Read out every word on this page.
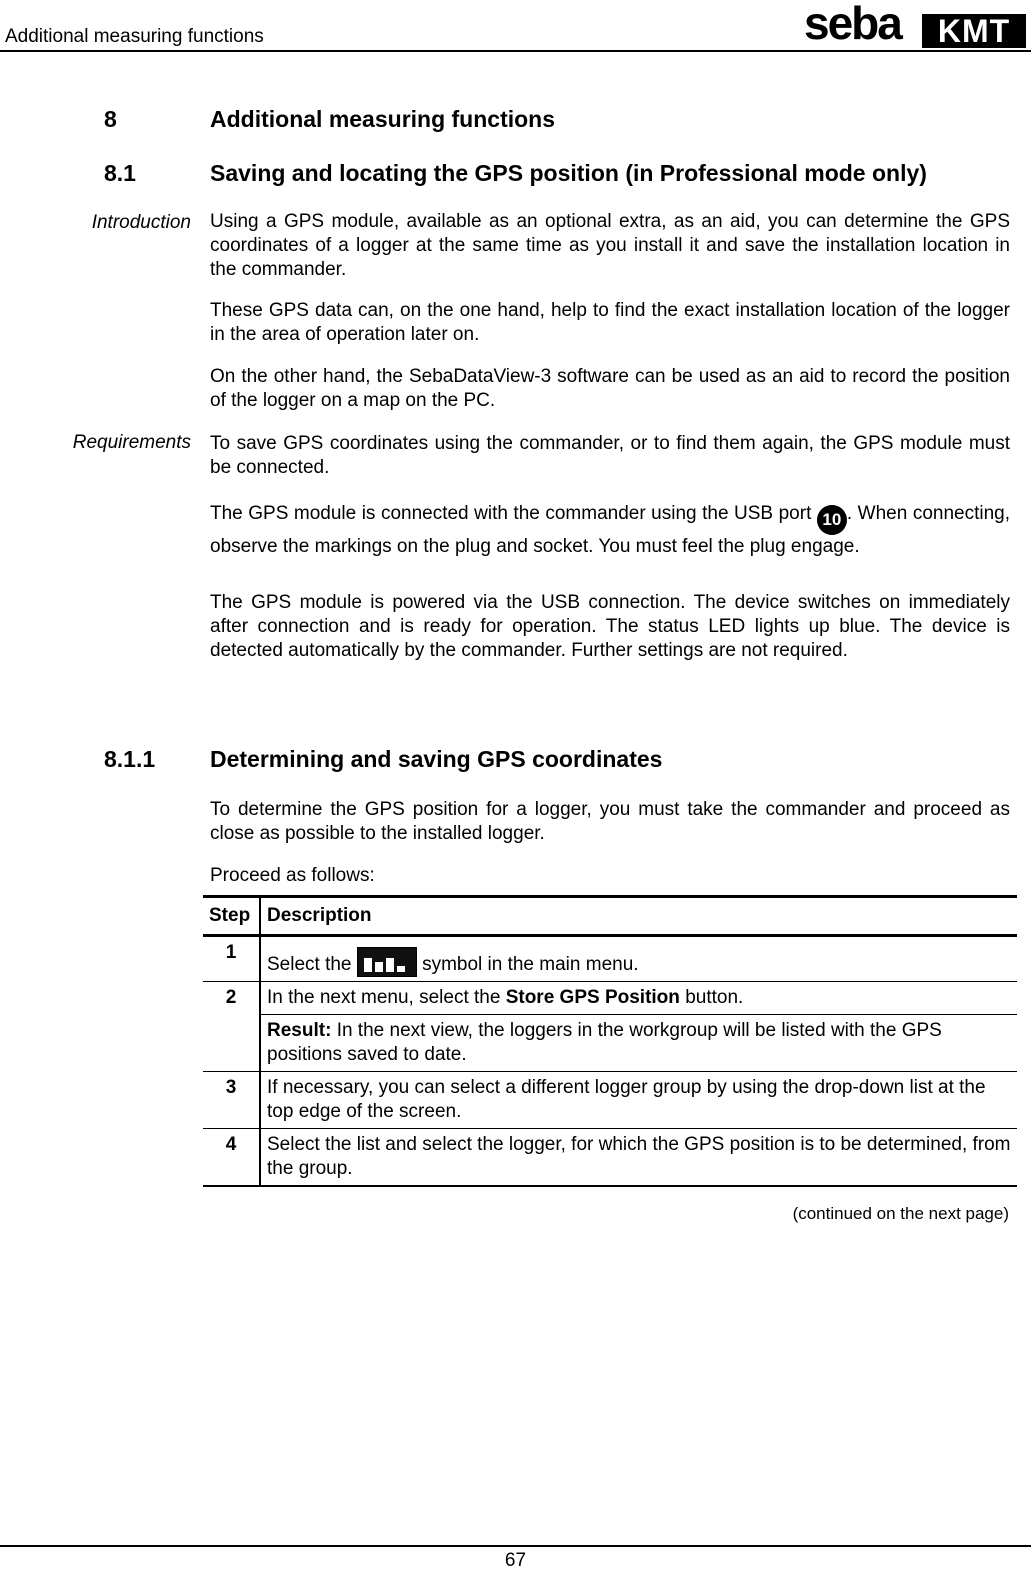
Additional measuring functions	seba	KMT
8	Additional measuring functions
8.1	Saving and locating the GPS position (in Professional mode only)
Introduction Using a GPS module, available as an optional extra, as an aid, you can determine the GPS coordinates of a logger at the same time as you install it and save the installation location in the commander.
These GPS data can, on the one hand, help to find the exact installation location of the logger in the area of operation later on.
On the other hand, the SebaDataView-3 software can be used as an aid to record the position of the logger on a map on the PC.
Requirements To save GPS coordinates using the commander, or to find them again, the GPS module must be connected.
The GPS module is connected with the commander using the USB port 10 . When connecting, observe the markings on the plug and socket. You must feel the plug engage.
The GPS module is powered via the USB connection. The device switches on immediately after connection and is ready for operation. The status LED lights up blue. The device is detected automatically by the commander. Further settings are not required.
8.1.1 Determining and saving GPS coordinates
To determine the GPS position for a logger, you must take the commander and proceed as close as possible to the installed logger.
Proceed as follows:
Step	Description
1	Select the symbol in the main menu.
2	In the next menu, select the Store GPS Position button.
	Result: In the next view, the loggers in the workgroup will be listed with the GPS positions saved to date.
3	If necessary, you can select a different logger group by using the drop-down list at the top edge of the screen.
4	Select the list and select the logger, for which the GPS position is to be determined, from the group.
(continued on the next page)
67
